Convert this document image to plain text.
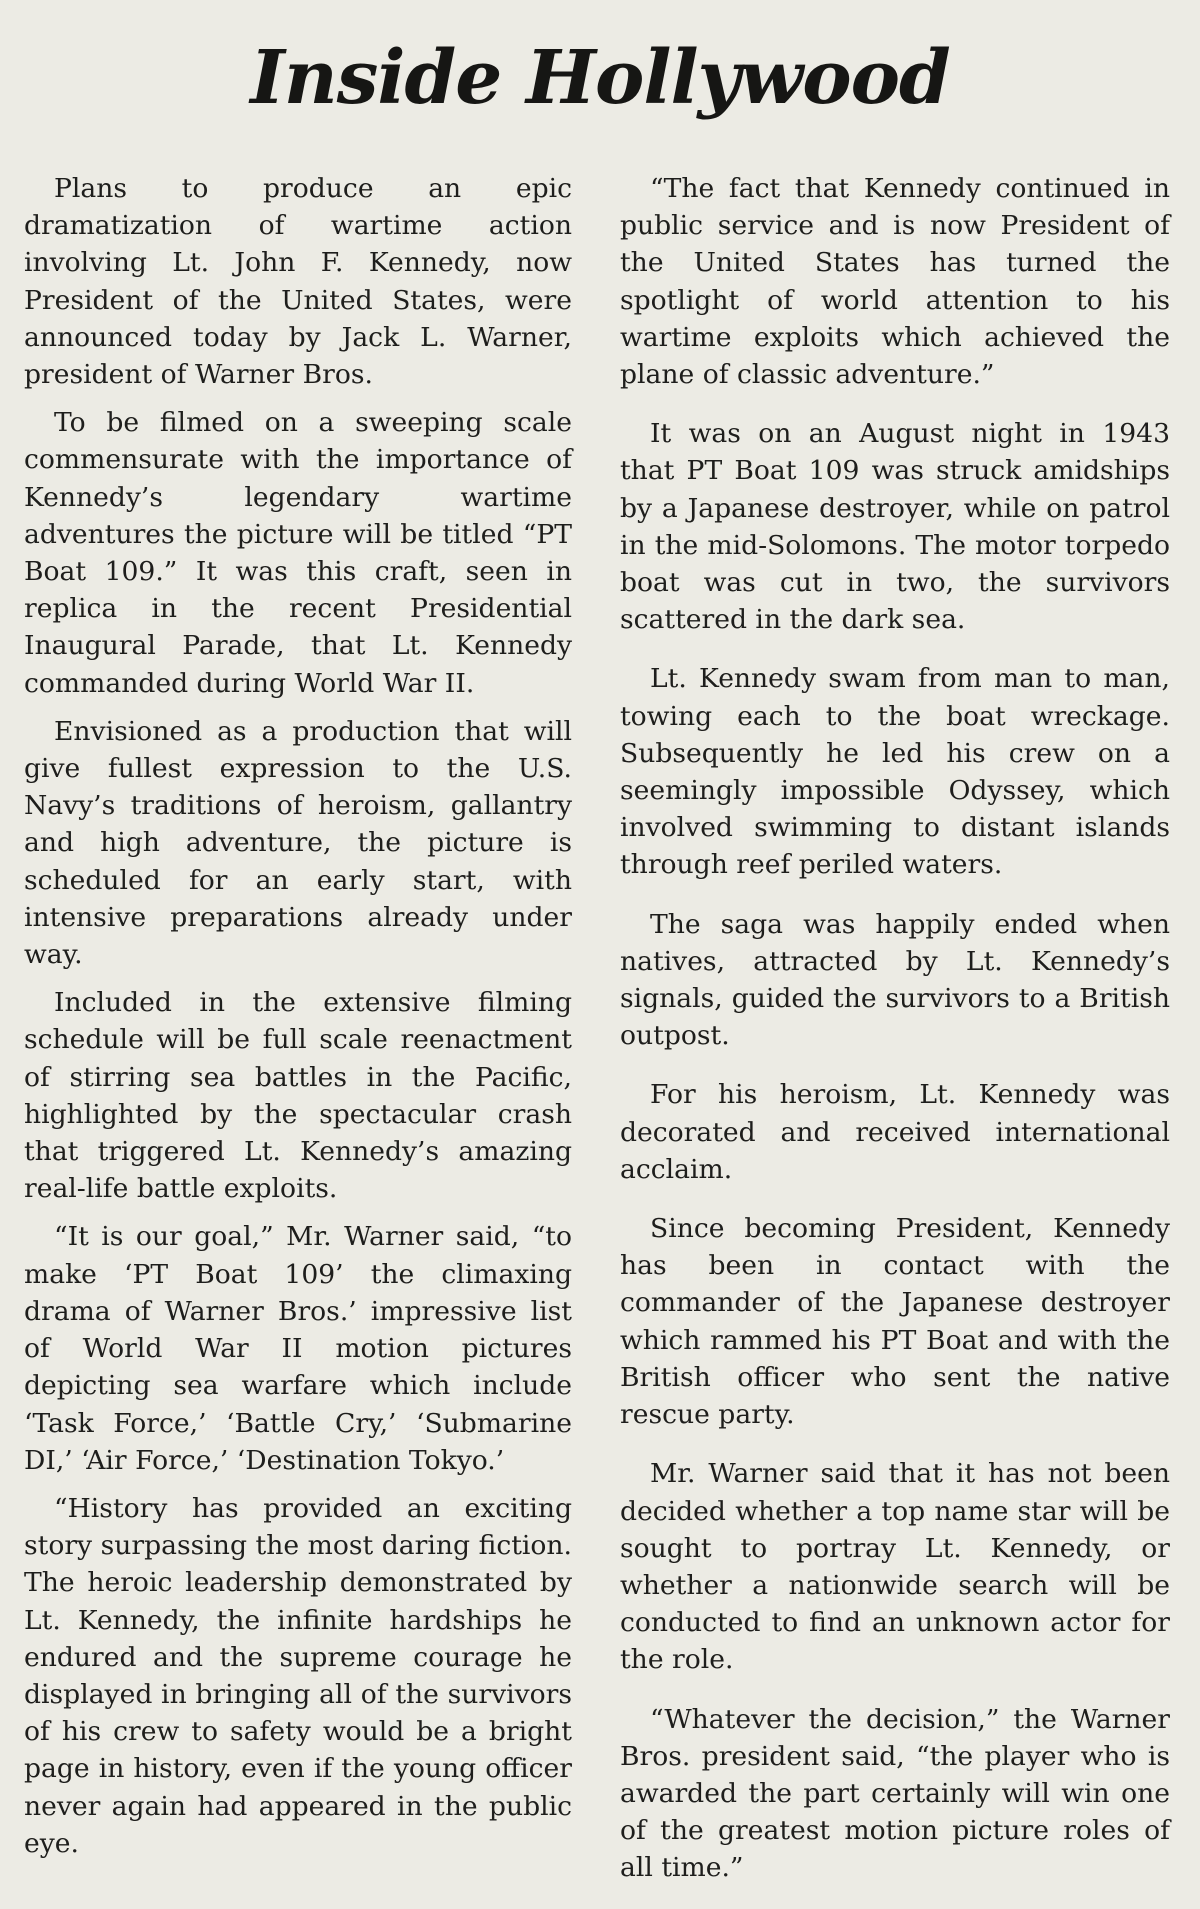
Inside Hollywood

Plans to produce an epic dramatization of wartime action involving Lt. John F. Kennedy, now President of the United States, were announced today by Jack L. Warner, president of Warner Bros.

To be filmed on a sweeping scale commensurate with the importance of Kennedy’s legendary wartime adventures the picture will be titled “PT Boat 109.” It was this craft, seen in replica in the recent Presidential Inaugural Parade, that Lt. Kennedy commanded during World War II.

Envisioned as a production that will give fullest expression to the U.S. Navy’s traditions of heroism, gallantry and high adventure, the picture is scheduled for an early start, with intensive preparations already under way.

Included in the extensive filming schedule will be full scale reenactment of stirring sea battles in the Pacific, highlighted by the spectacular crash that triggered Lt. Kennedy’s amazing real-life battle exploits.

“It is our goal,” Mr. Warner said, “to make ‘PT Boat 109’ the climaxing drama of Warner Bros.’ impressive list of World War II motion pictures depicting sea warfare which include ‘Task Force,’ ‘Battle Cry,’ ‘Submarine DI,’ ‘Air Force,’ ‘Destination Tokyo.’

“History has provided an exciting story surpassing the most daring fiction. The heroic leadership demonstrated by Lt. Kennedy, the infinite hardships he endured and the supreme courage he displayed in bringing all of the survivors of his crew to safety would be a bright page in history, even if the young officer never again had appeared in the public eye.

“The fact that Kennedy continued in public service and is now President of the United States has turned the spotlight of world attention to his wartime exploits which achieved the plane of classic adventure.”

It was on an August night in 1943 that PT Boat 109 was struck amidships by a Japanese destroyer, while on patrol in the mid-Solomons. The motor torpedo boat was cut in two, the survivors scattered in the dark sea.

Lt. Kennedy swam from man to man, towing each to the boat wreckage. Subsequently he led his crew on a seemingly impossible Odyssey, which involved swimming to distant islands through reef periled waters.

The saga was happily ended when natives, attracted by Lt. Kennedy’s signals, guided the survivors to a British outpost.

For his heroism, Lt. Kennedy was decorated and received international acclaim.

Since becoming President, Kennedy has been in contact with the commander of the Japanese destroyer which rammed his PT Boat and with the British officer who sent the native rescue party.

Mr. Warner said that it has not been decided whether a top name star will be sought to portray Lt. Kennedy, or whether a nationwide search will be conducted to find an unknown actor for the role.

“Whatever the decision,” the Warner Bros. president said, “the player who is awarded the part certainly will win one of the greatest motion picture roles of all time.”
